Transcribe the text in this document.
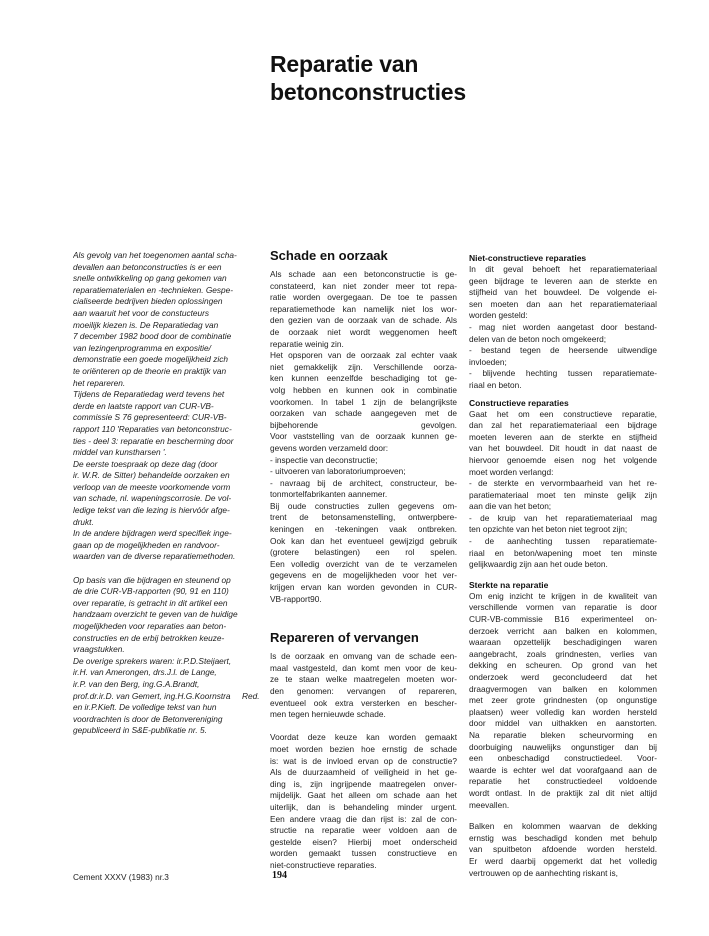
Reparatie van
betonconstructies
Als gevolg van het toegenomen aantal scha-
devallen aan betonconstructies is er een
snelle ontwikkeling op gang gekomen van
reparatiematerialen en -technieken. Gespe-
cialiseerde bedrijven bieden oplossingen
aan waaruit het voor de constucteurs
moeilijk kiezen is. De Reparatiedag van
7 december 1982 bood door de combinatie
van lezingenprogramma en expositie/
demonstratie een goede mogelijkheid zich
te oriënteren op de theorie en praktijk van
het repareren.
Tijdens de Reparatiedag werd tevens het
derde en laatste rapport van CUR-VB-
commissie S 76 gepresenteerd: CUR-VB-
rapport 110 'Reparaties van betonconstruc-
ties - deel 3: reparatie en bescherming door
middel van kunstharsen '.
De eerste toespraak op deze dag (door
ir. W.R. de Sitter) behandelde oorzaken en
verloop van de meeste voorkomende vorm
van schade, nl. wapeningscorrosie. De vol-
ledige tekst van die lezing is hiervóór afge-
drukt.
In de andere bijdragen werd specifiek inge-
gaan op de mogelijkheden en randvoor-
waarden van de diverse reparatiemethoden.
Op basis van die bijdragen en steunend op
de drie CUR-VB-rapporten (90, 91 en 110)
over reparatie, is getracht in dit artikel een
handzaam overzicht te geven van de huidige
mogelijkheden voor reparaties aan beton-
constructies en de erbij betrokken keuze-
vraagstukken.
De overige sprekers waren: ir.P.D.Steijaert,
ir.H. van Amerongen, drs.J.l. de Lange,
ir.P. van den Berg, ing.G.A.Brandt,
prof.dr.ir.D. van Gemert, ing.H.G.Koornstra
en ir.P.Kieft. De volledige tekst van hun
voordrachten is door de Betonvereniging
gepubliceerd in S&E-publikatie nr. 5.
Red.
Schade en oorzaak
Als schade aan een betonconstructie is ge-
constateerd, kan niet zonder meer tot repa-
ratie worden overgegaan. De toe te passen
reparatiemethode kan namelijk niet los wor-
den gezien van de oorzaak van de schade. Als
de oorzaak niet wordt weggenomen heeft
reparatie weinig zin.
Het opsporen van de oorzaak zal echter vaak
niet gemakkelijk zijn. Verschillende oorza-
ken kunnen eenzelfde beschadiging tot ge-
volg hebben en kunnen ook in combinatie
voorkomen. In tabel 1 zijn de belangrijkste
oorzaken van schade aangegeven met de
bijbehorende gevolgen.
Voor vaststelling van de oorzaak kunnen ge-
gevens worden verzameld door:
- inspectie van deconstructie;
- uitvoeren van laboratoriumproeven;
- navraag bij de architect, constructeur, be-
tonmortelfabrikanten aannemer.
Bij oude constructies zullen gegevens om-
trent de betonsamenstelling, ontwerpbere-
keningen en -tekeningen vaak ontbreken.
Ook kan dan het eventueel gewijzigd gebruik
(grotere belastingen) een rol spelen.
Een volledig overzicht van de te verzamelen
gegevens en de mogelijkheden voor het ver-
krijgen ervan kan worden gevonden in CUR-
VB-rapport90.
Repareren of vervangen
Is de oorzaak en omvang van de schade een-
maal vastgesteld, dan komt men voor de keu-
ze te staan welke maatregelen moeten wor-
den genomen: vervangen of repareren,
eventueel ook extra versterken en bescher-
men tegen hernieuwde schade.
Voordat deze keuze kan worden gemaakt
moet worden bezien hoe ernstig de schade
is: wat is de invloed ervan op de constructie?
Als de duurzaamheid of veiligheid in het ge-
ding is, zijn ingrijpende maatregelen onver-
mijdelijk. Gaat het alleen om schade aan het
uiterlijk, dan is behandeling minder urgent.
Een andere vraag die dan rijst is: zal de con-
structie na reparatie weer voldoen aan de
gestelde eisen? Hierbij moet onderscheid
worden gemaakt tussen constructieve en
niet-constructieve reparaties.
Niet-constructieve reparaties
In dit geval behoeft het reparatiemateriaal
geen bijdrage te leveren aan de sterkte en
stijfheid van het bouwdeel. De volgende ei-
sen moeten dan aan het reparatiemateriaal
worden gesteld:
- mag niet worden aangetast door bestand-
delen van de beton noch omgekeerd;
- bestand tegen de heersende uitwendige
invloeden;
- blijvende hechting tussen reparatiemate-
riaal en beton.
Constructieve reparaties
Gaat het om een constructieve reparatie,
dan zal het reparatiemateriaal een bijdrage
moeten leveren aan de sterkte en stijfheid
van het bouwdeel. Dit houdt in dat naast de
hiervoor genoemde eisen nog het volgende
moet worden verlangd:
- de sterkte en vervormbaarheid van het re-
paratiemateriaal moet ten minste gelijk zijn
aan die van het beton;
- de kruip van het reparatiemateriaal mag
ten opzichte van het beton niet tegroot zijn;
- de aanhechting tussen reparatiemate-
riaal en beton/wapening moet ten minste
gelijkwaardig zijn aan het oude beton.
Sterkte na reparatie
Om enig inzicht te krijgen in de kwaliteit van
verschillende vormen van reparatie is door
CUR-VB-commissie B16 experimenteel on-
derzoek verricht aan balken en kolommen,
waaraan opzettelijk beschadigingen waren
aangebracht, zoals grindnesten, verlies van
dekking en scheuren. Op grond van het
onderzoek werd geconcludeerd dat het
draagvermogen van balken en kolommen
met zeer grote grindnesten (op ongunstige
plaatsen) weer volledig kan worden hersteld
door middel van uithakken en aanstorten.
Na reparatie bleken scheurvorming en
doorbuiging nauwelijks ongunstiger dan bij
een onbeschadigd constructiedeel. Voor-
waarde is echter wel dat voorafgaand aan de
reparatie het constructiedeel voldoende
wordt ontlast. In de praktijk zal dit niet altijd
meevallen.
Balken en kolommen waarvan de dekking
ernstig was beschadigd konden met behulp
van spuitbeton afdoende worden hersteld.
Er werd daarbij opgemerkt dat het volledig
vertrouwen op de aanhechting riskant is,
Cement XXXV (1983) nr.3	194
